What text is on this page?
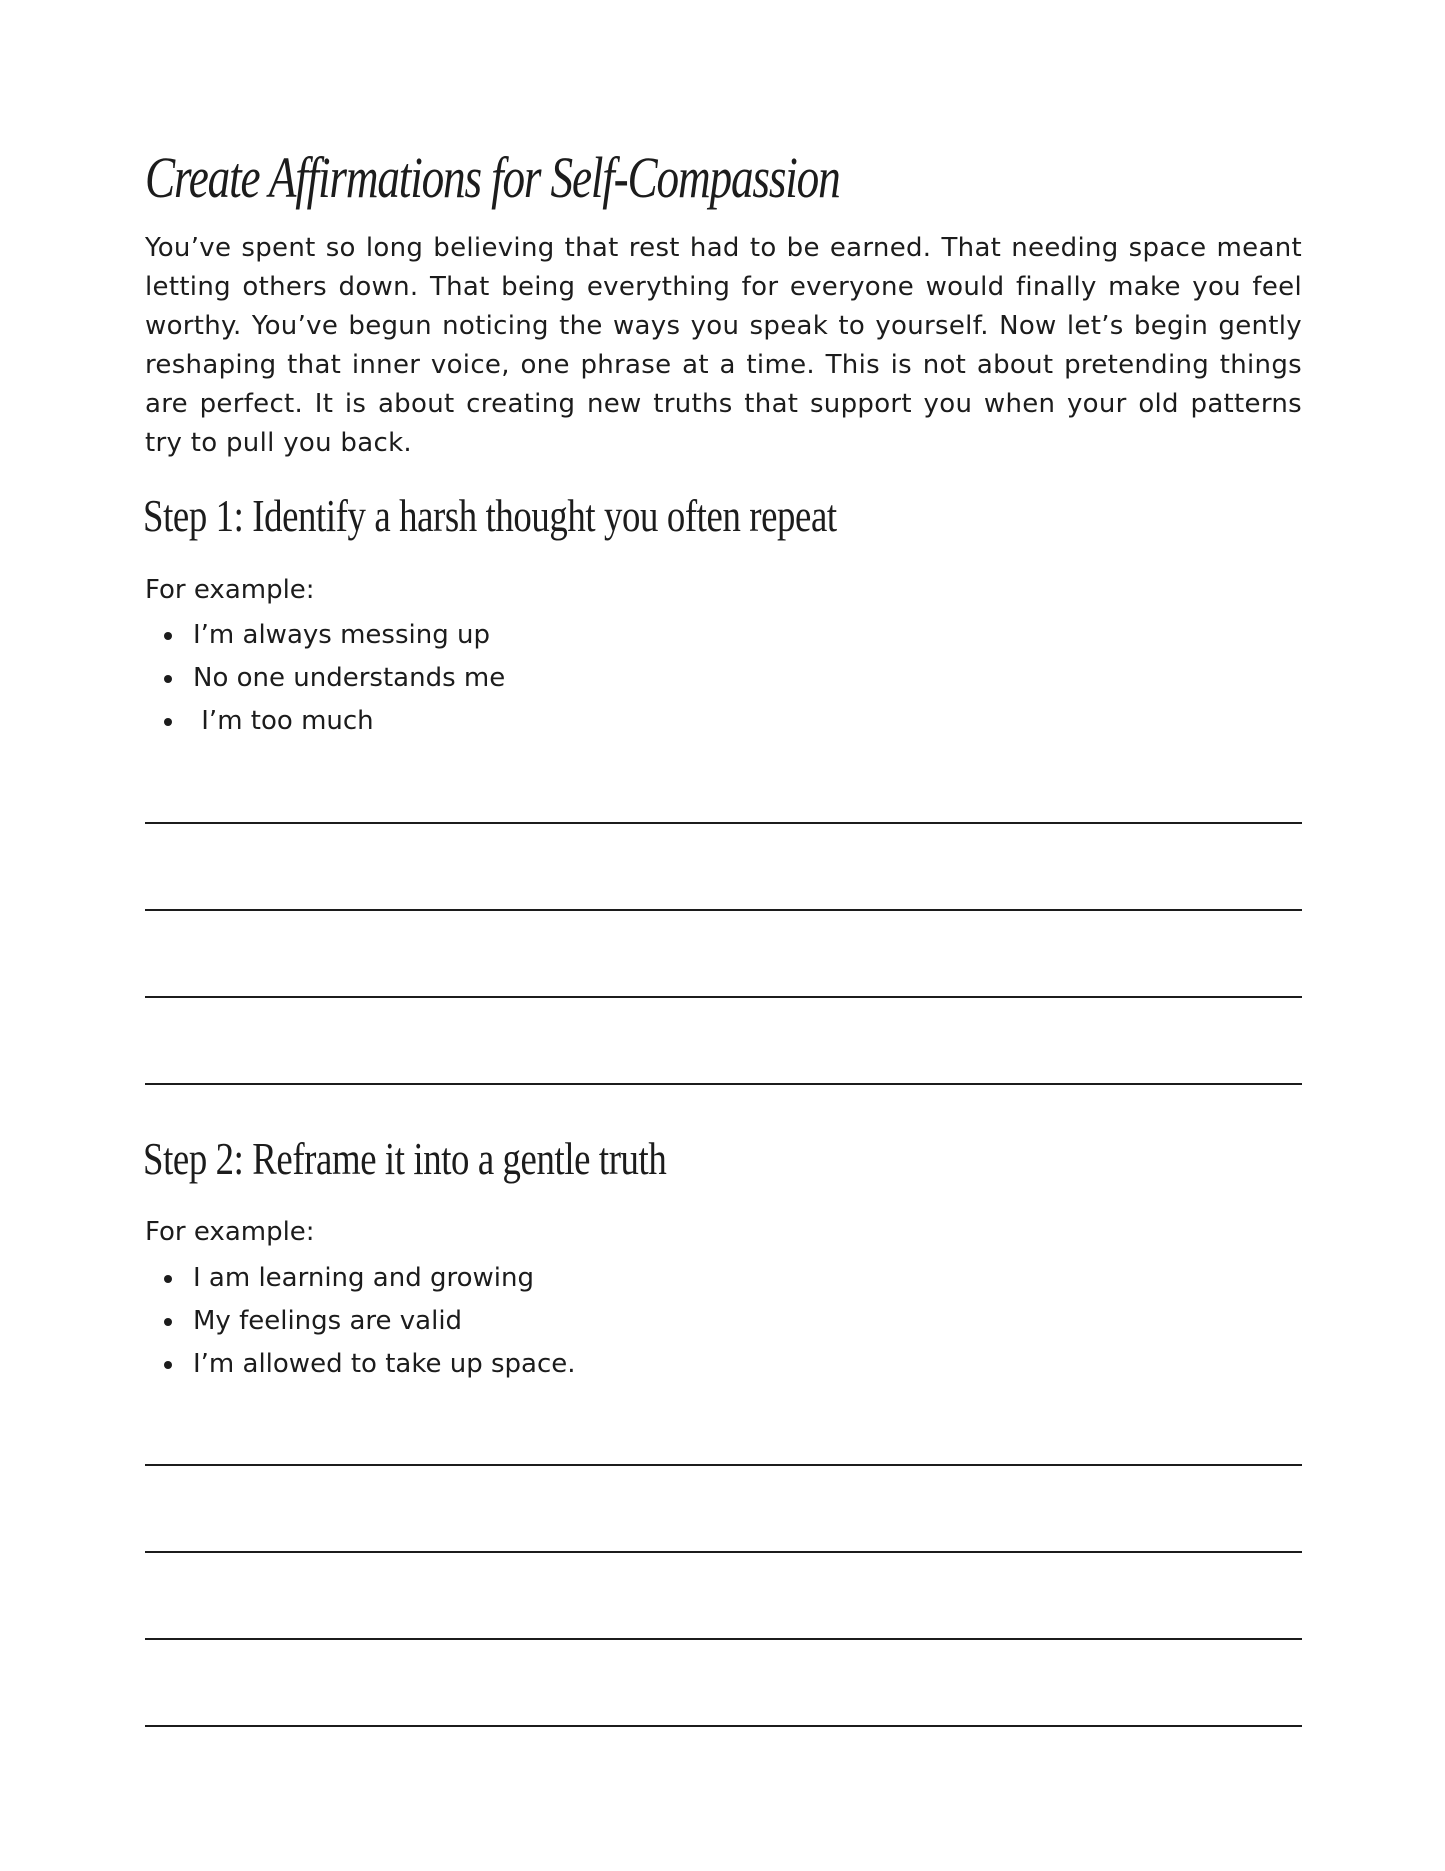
Create Affirmations for Self-Compassion

You’ve spent so long believing that rest had to be earned. That needing space meant letting others down. That being everything for everyone would finally make you feel worthy. You’ve begun noticing the ways you speak to yourself. Now let’s begin gently reshaping that inner voice, one phrase at a time. This is not about pretending things are perfect. It is about creating new truths that support you when your old patterns try to pull you back.

Step 1: Identify a harsh thought you often repeat

For example:

I’m always messing up
No one understands me
I’m too much
Step 2: Reframe it into a gentle truth

For example:

I am learning and growing
My feelings are valid
I’m allowed to take up space.
